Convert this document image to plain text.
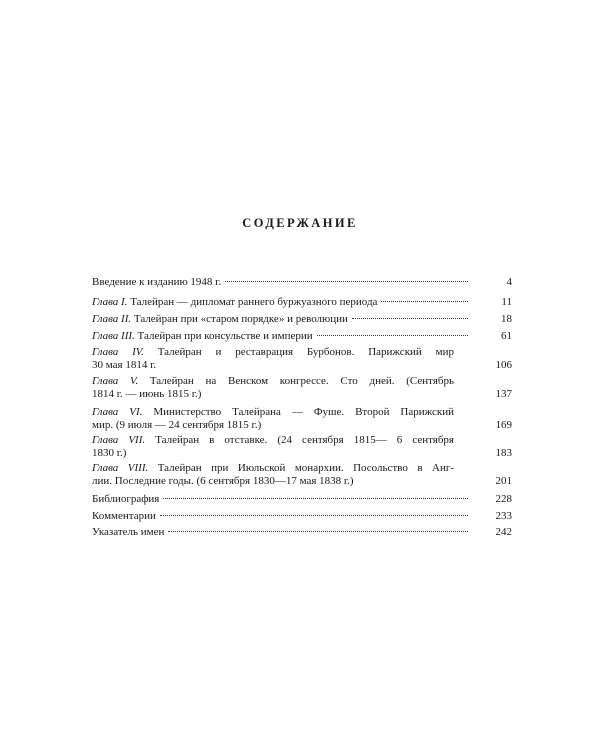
СОДЕРЖАНИЕ
Введение к изданию 1948 г.	4
Глава I. Талейран — дипломат раннего буржуазного периода	11
Глава II. Талейран при «старом порядке» и революции	18
Глава III. Талейран при консульстве и империи	61
Глава IV. Талейран и реставрация Бурбонов. Парижский мир
30 мая 1814 г.	106
Глава V. Талейран на Венском конгрессе. Сто дней. (Сентябрь
1814 г. — июнь 1815 г.)	137
Глава VI. Министерство Талейрана — Фуше. Второй Парижский
мир. (9 июля — 24 сентября 1815 г.)	169
Глава VII. Талейран в отставке. (24 сентября 1815— 6 сентября
1830 г.)	183
Глава VIII. Талейран при Июльской монархии. Посольство в Анг-
лии. Последние годы. (6 сентября 1830—17 мая 1838 г.)	201
Библиография	228
Комментарии	233
Указатель имен	242
